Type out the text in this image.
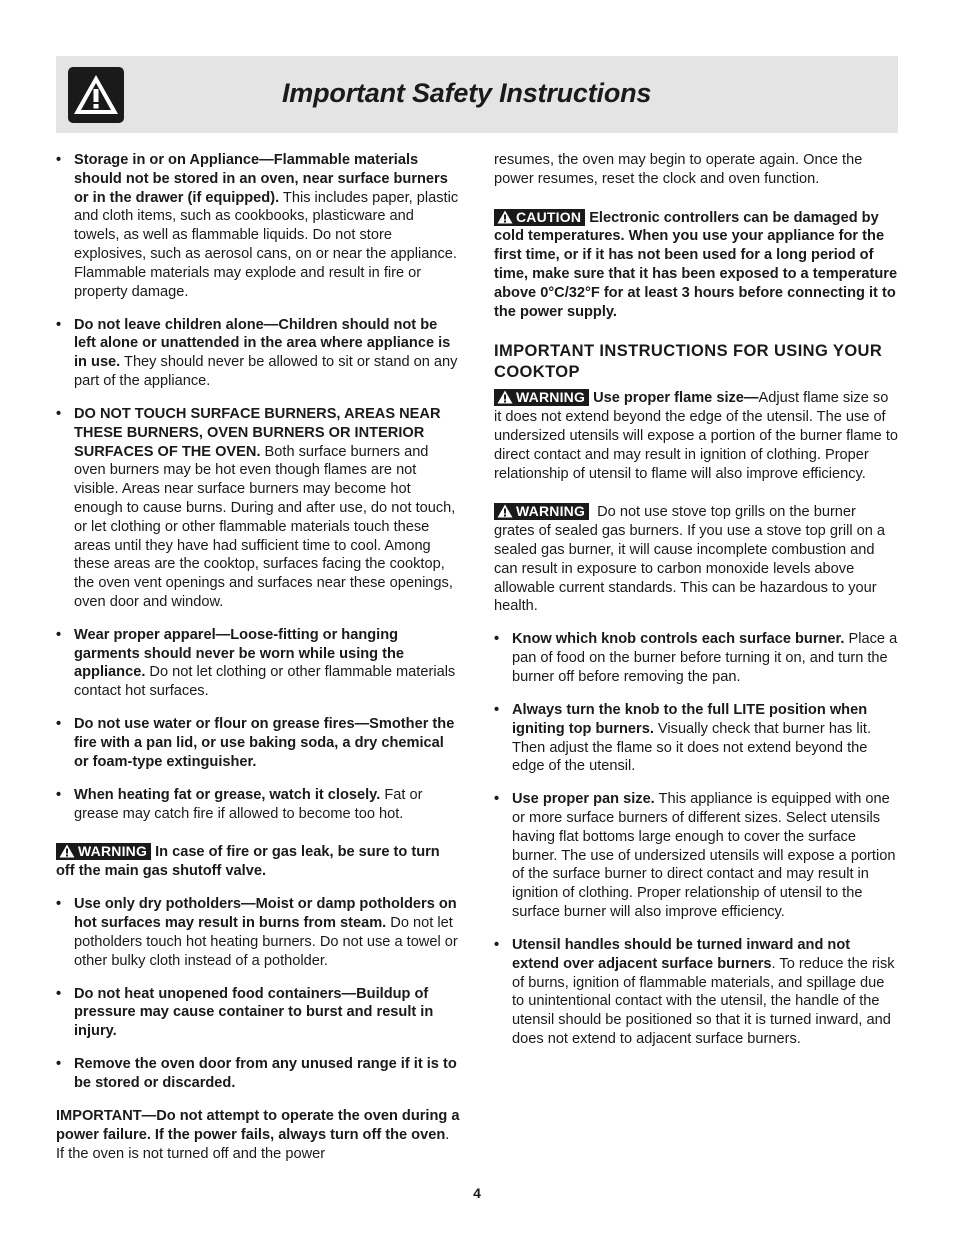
Important Safety Instructions

• Storage in or on Appliance—Flammable materials should not be stored in an oven, near surface burners or in the drawer (if equipped). This includes paper, plastic and cloth items, such as cookbooks, plasticware and towels, as well as flammable liquids. Do not store explosives, such as aerosol cans, on or near the appliance. Flammable materials may explode and result in fire or property damage.

• Do not leave children alone—Children should not be left alone or unattended in the area where appliance is in use. They should never be allowed to sit or stand on any part of the appliance.

• DO NOT TOUCH SURFACE BURNERS, AREAS NEAR THESE BURNERS, OVEN BURNERS OR INTERIOR SURFACES OF THE OVEN. Both surface burners and oven burners may be hot even though flames are not visible. Areas near surface burners may become hot enough to cause burns. During and after use, do not touch, or let clothing or other flammable materials touch these areas until they have had sufficient time to cool. Among these areas are the cooktop, surfaces facing the cooktop, the oven vent openings and surfaces near these openings, oven door and window.

• Wear proper apparel—Loose-fitting or hanging garments should never be worn while using the appliance. Do not let clothing or other flammable materials contact hot surfaces.

• Do not use water or flour on grease fires—Smother the fire with a pan lid, or use baking soda, a dry chemical or foam-type extinguisher.

• When heating fat or grease, watch it closely. Fat or grease may catch fire if allowed to become too hot.

WARNING In case of fire or gas leak, be sure to turn off the main gas shutoff valve.

• Use only dry potholders—Moist or damp potholders on hot surfaces may result in burns from steam. Do not let potholders touch hot heating burners. Do not use a towel or other bulky cloth instead of a potholder.

• Do not heat unopened food containers—Buildup of pressure may cause container to burst and result in injury.

• Remove the oven door from any unused range if it is to be stored or discarded.

IMPORTANT—Do not attempt to operate the oven during a power failure. If the power fails, always turn off the oven. If the oven is not turned off and the power

resumes, the oven may begin to operate again. Once the power resumes, reset the clock and oven function.

CAUTION Electronic controllers can be damaged by cold temperatures. When you use your appliance for the first time, or if it has not been used for a long period of time, make sure that it has been exposed to a temperature above 0°C/32°F for at least 3 hours before connecting it to the power supply.

IMPORTANT INSTRUCTIONS FOR USING YOUR COOKTOP

WARNING Use proper flame size—Adjust flame size so it does not extend beyond the edge of the utensil. The use of undersized utensils will expose a portion of the burner flame to direct contact and may result in ignition of clothing. Proper relationship of utensil to flame will also improve efficiency.

WARNING Do not use stove top grills on the burner grates of sealed gas burners. If you use a stove top grill on a sealed gas burner, it will cause incomplete combustion and can result in exposure to carbon monoxide levels above allowable current standards. This can be hazardous to your health.

• Know which knob controls each surface burner. Place a pan of food on the burner before turning it on, and turn the burner off before removing the pan.

• Always turn the knob to the full LITE position when igniting top burners. Visually check that burner has lit. Then adjust the flame so it does not extend beyond the edge of the utensil.

• Use proper pan size. This appliance is equipped with one or more surface burners of different sizes. Select utensils having flat bottoms large enough to cover the surface burner. The use of undersized utensils will expose a portion of the surface burner to direct contact and may result in ignition of clothing. Proper relationship of utensil to the surface burner will also improve efficiency.

• Utensil handles should be turned inward and not extend over adjacent surface burners. To reduce the risk of burns, ignition of flammable materials, and spillage due to unintentional contact with the utensil, the handle of the utensil should be positioned so that it is turned inward, and does not extend to adjacent surface burners.

4
